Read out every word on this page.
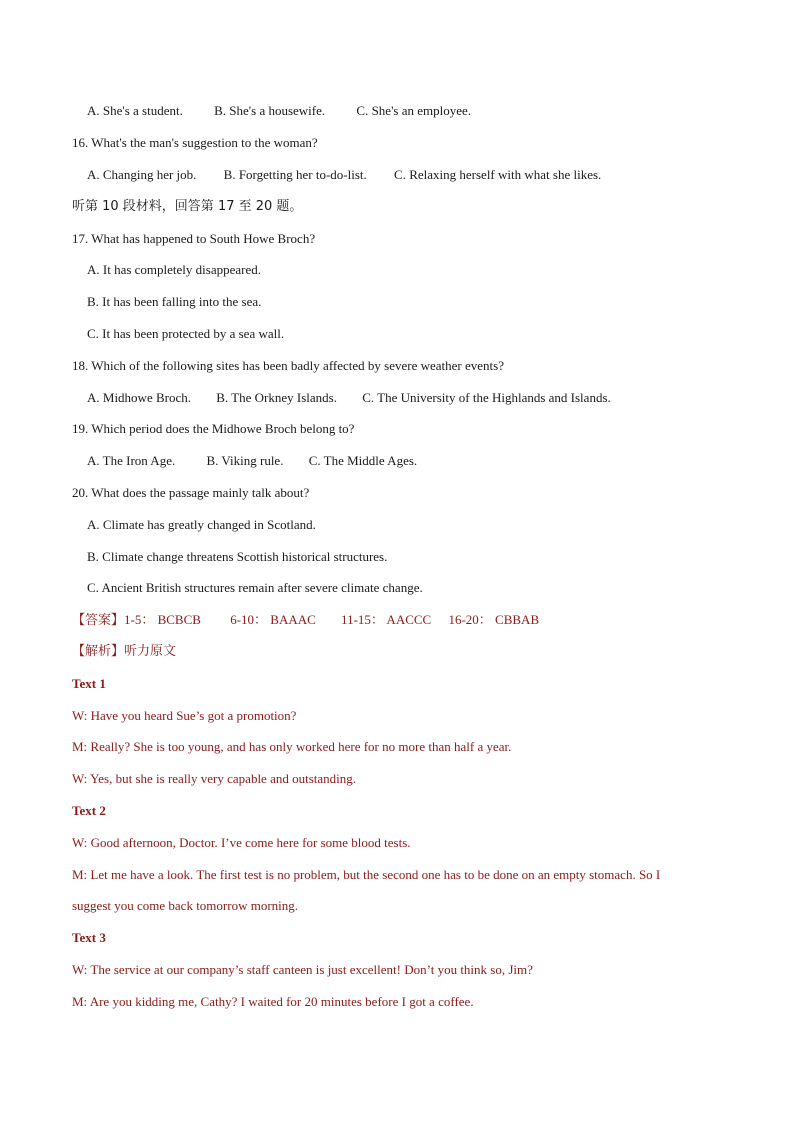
A. She's a student. B. She's a housewife. C. She's an employee.
16. What's the man's suggestion to the woman?
A. Changing her job. B. Forgetting her to-do-list. C. Relaxing herself with what she likes.
听第 10 段材料，回答第 17 至 20 题。
17. What has happened to South Howe Broch?
A. It has completely disappeared.
B. It has been falling into the sea.
C. It has been protected by a sea wall.
18. Which of the following sites has been badly affected by severe weather events?
A. Midhowe Broch. B. The Orkney Islands. C. The University of the Highlands and Islands.
19. Which period does the Midhowe Broch belong to?
A. The Iron Age. B. Viking rule. C. The Middle Ages.
20. What does the passage mainly talk about?
A. Climate has greatly changed in Scotland.
B. Climate change threatens Scottish historical structures.
C. Ancient British structures remain after severe climate change.
【答案】1-5： BCBCB 6-10： BAAAC 11-15： AACCC 16-20： CBBAB
【解析】听力原文
Text 1
W: Have you heard Sue’s got a promotion?
M: Really? She is too young, and has only worked here for no more than half a year.
W: Yes, but she is really very capable and outstanding.
Text 2
W: Good afternoon, Doctor. I’ve come here for some blood tests.
M: Let me have a look. The first test is no problem, but the second one has to be done on an empty stomach. So I
suggest you come back tomorrow morning.
Text 3
W: The service at our company’s staff canteen is just excellent! Don’t you think so, Jim?
M: Are you kidding me, Cathy? I waited for 20 minutes before I got a coffee.
